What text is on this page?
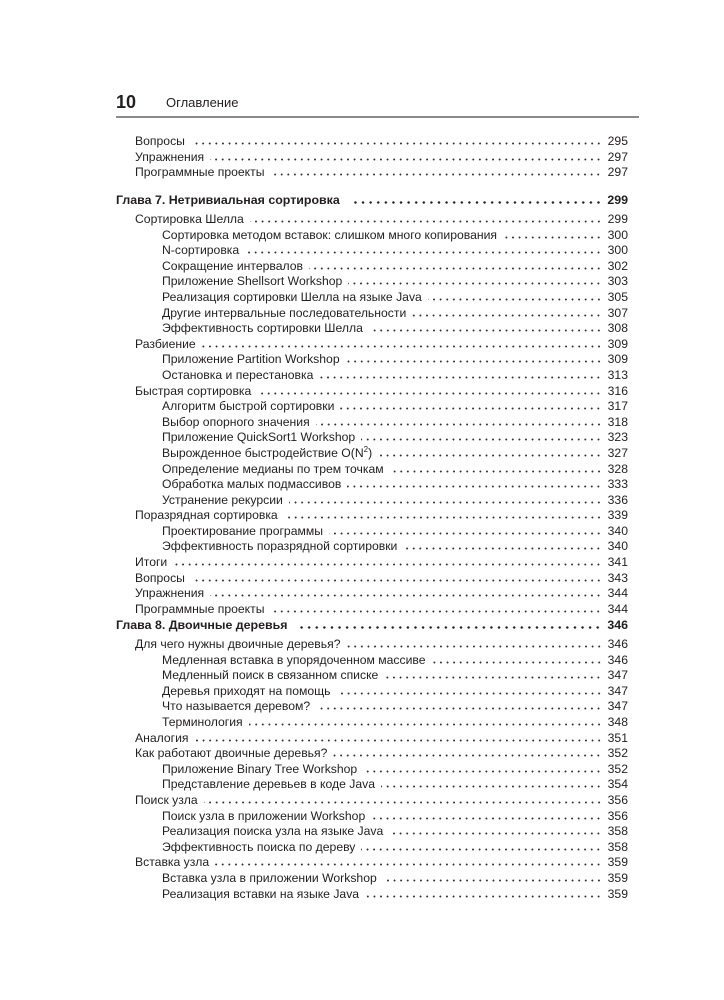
10 Оглавление
Вопросы	295
Упражнения	297
Программные проекты	297
Глава 7. Нетривиальная сортировка	299
Сортировка Шелла	299
Сортировка методом вставок: слишком много копирования	300
N-сортировка	300
Сокращение интервалов	302
Приложение Shellsort Workshop	303
Реализация сортировки Шелла на языке Java	305
Другие интервальные последовательности	307
Эффективность сортировки Шелла	308
Разбиение	309
Приложение Partition Workshop	309
Остановка и перестановка	313
Быстрая сортировка	316
Алгоритм быстрой сортировки	317
Выбор опорного значения	318
Приложение QuickSort1 Workshop	323
Вырожденное быстродействие $O(N^2)$	327
Определение медианы по трем точкам	328
Обработка малых подмассивов	333
Устранение рекурсии	336
Поразрядная сортировка	339
Проектирование программы	340
Эффективность поразрядной сортировки	340
Итоги	341
Вопросы	343
Упражнения	344
Программные проекты	344
Глава 8. Двоичные деревья	346
Для чего нужны двоичные деревья?	346
Медленная вставка в упорядоченном массиве	346
Медленный поиск в связанном списке	347
Деревья приходят на помощь	347
Что называется деревом?	347
Терминология	348
Аналогия	351
Как работают двоичные деревья?	352
Приложение Binary Tree Workshop	352
Представление деревьев в коде Java	354
Поиск узла	356
Поиск узла в приложении Workshop	356
Реализация поиска узла на языке Java	358
Эффективность поиска по дереву	358
Вставка узла	359
Вставка узла в приложении Workshop	359
Реализация вставки на языке Java	359
